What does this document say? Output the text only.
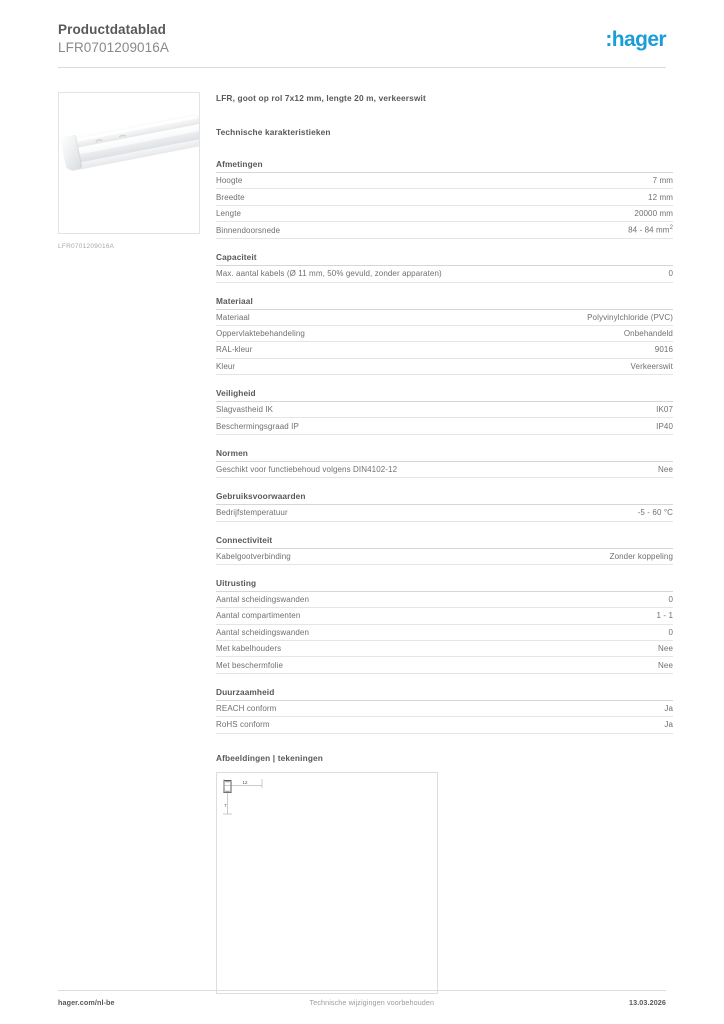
Productdatablad
LFR0701209016A	:hager
LFR0701209016A
LFR, goot op rol 7x12 mm, lengte 20 m, verkeerswit
Technische karakteristieken
Afmetingen
Hoogte	7 mm
Breedte	12 mm
Lengte	20000 mm
Binnendoorsnede	84 - 84 $mm^2$
Capaciteit
Max. aantal kabels (Ø 11 mm, 50% gevuld, zonder apparaten)	0
Materiaal
Materiaal	Polyvinylchloride (PVC)
Oppervlaktebehandeling	Onbehandeld
RAL-kleur	9016
Kleur	Verkeerswit
Veiligheid
Slagvastheid IK	IK07
Beschermingsgraad IP	IP40
Normen
Geschikt voor functiebehoud volgens DIN4102-12	Nee
Gebruiksvoorwaarden
Bedrijfstemperatuur	-5 - 60 °C
Connectiviteit
Kabelgootverbinding	Zonder koppeling
Uitrusting
Aantal scheidingswanden	0
Aantal compartimenten	1 - 1
Aantal scheidingswanden	0
Met kabelhouders	Nee
Met beschermfolie	Nee
Duurzaamheid
REACH conform	Ja
RoHS conform	Ja
Afbeeldingen | tekeningen
12
7
hager.com/nl-be	Technische wijzigingen voorbehouden	13.03.2026
